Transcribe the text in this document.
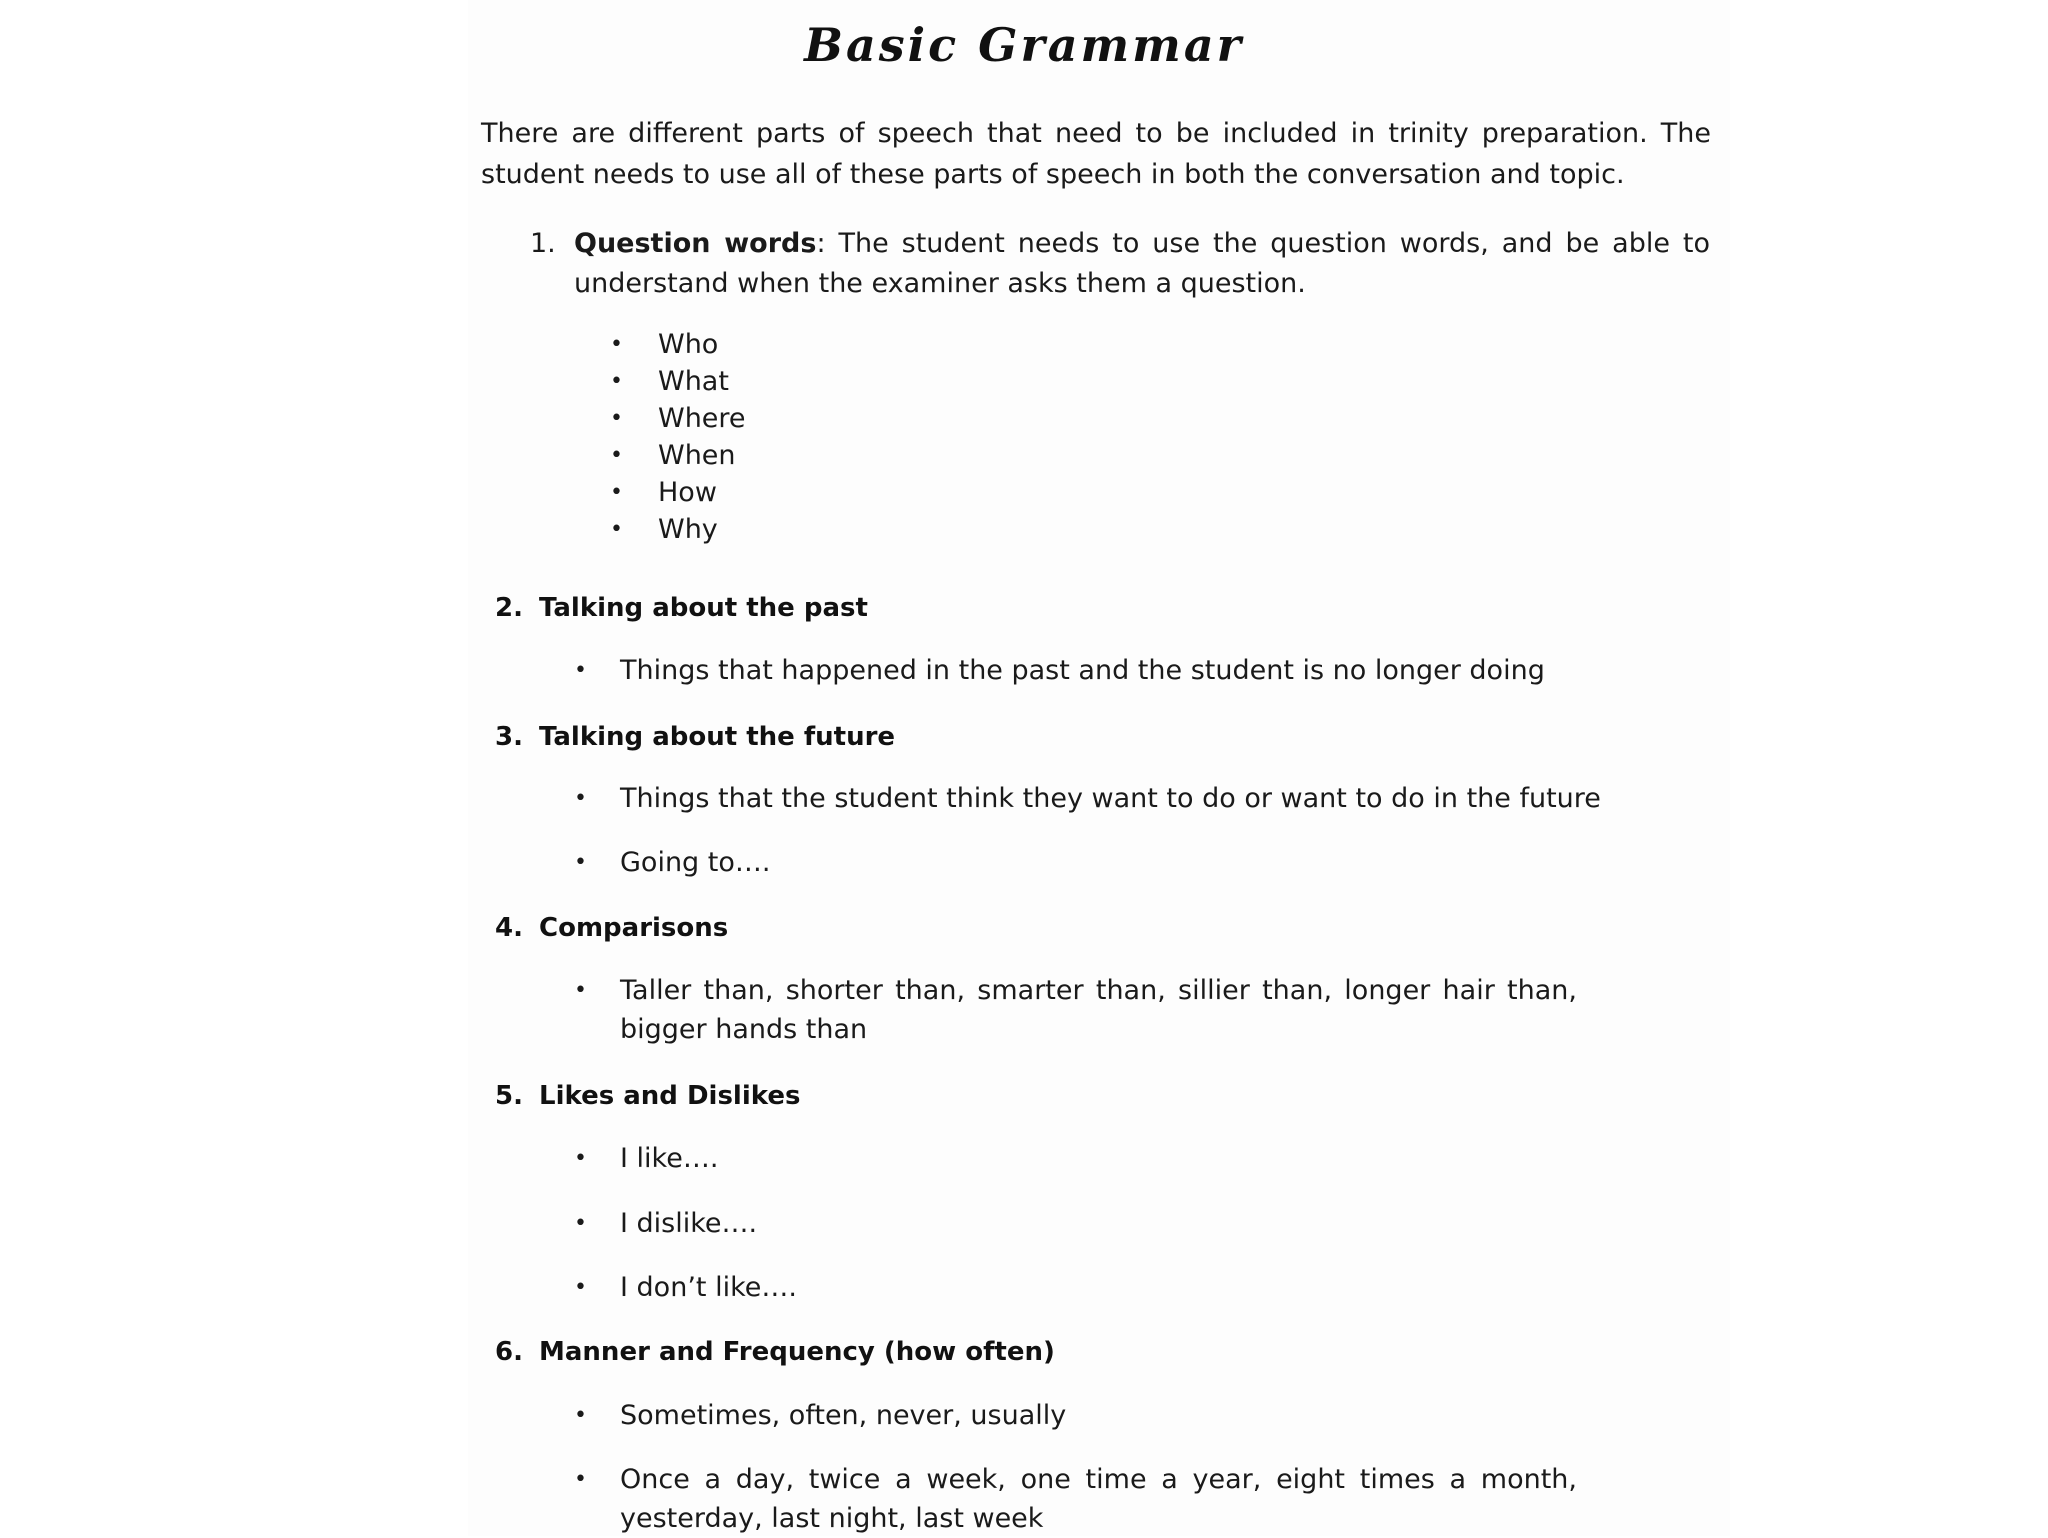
Basic Grammar

There are different parts of speech that need to be included in trinity preparation. The student needs to use all of these parts of speech in both the conversation and topic.

1. Question words: The student needs to use the question words, and be able to understand when the examiner asks them a question.
• Who
• What
• Where
• When
• How
• Why
2. Talking about the past
• Things that happened in the past and the student is no longer doing
3. Talking about the future
• Things that the student think they want to do or want to do in the future
• Going to….
4. Comparisons
• Taller than, shorter than, smarter than, sillier than, longer hair than, bigger hands than
5. Likes and Dislikes
• I like….
• I dislike….
• I don’t like….
6. Manner and Frequency (how often)
• Sometimes, often, never, usually
• Once a day, twice a week, one time a year, eight times a month, yesterday, last night, last week
